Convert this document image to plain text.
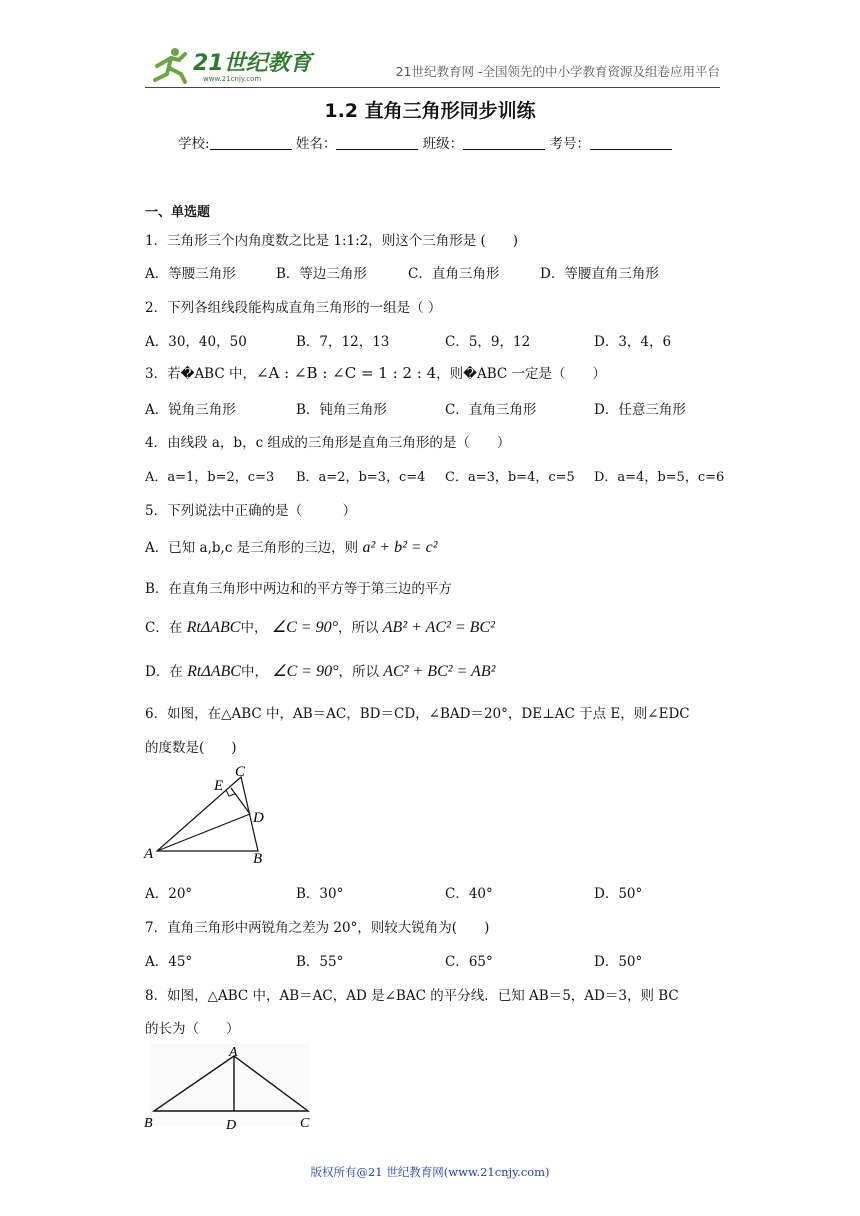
21世纪教育
www.21cnjy.com	21世纪教育网 -全国领先的中小学教育资源及组卷应用平台
1.2 直角三角形同步训练
学校:	姓名：	班级：	考号：
一、单选题
1．三角形三个内角度数之比是 1:1:2，则这个三角形是 (　　)
A．等腰三角形	B．等边三角形	C．直角三角形	D．等腰直角三角形
2．下列各组线段能构成直角三角形的一组是（ ）
A．30，40，50	B．7，12，13	C．5，9，12	D．3，4，6
3．若�ABC 中，∠A : ∠B : ∠C = 1 : 2 : 4，则�ABC 一定是（　　）
A．锐角三角形	B．钝角三角形	C．直角三角形	D．任意三角形
4．由线段 a，b，c 组成的三角形是直角三角形的是（　　）
A．a=1，b=2，c=3 B．a=2，b=3，c=4 C．a=3，b=4，c=5 D．a=4，b=5，c=6
5．下列说法中正确的是（　　　）
A．已知 a,b,c 是三角形的三边，则 a² + b² = c²
B．在直角三角形中两边和的平方等于第三边的平方
C．在 RtΔABC中， ∠C = 90°，所以 AB² + AC² = BC²
D．在 RtΔABC中， ∠C = 90°，所以 AC² + BC² = AB²
6．如图，在△ABC 中，AB＝AC，BD＝CD，∠BAD＝20°，DE⊥AC 于点 E，则∠EDC
的度数是(　　)
A	B
C
D
E
A．20°	B．30°	C．40°	D．50°
7．直角三角形中两锐角之差为 20°，则较大锐角为(　　)
A．45°	B．55°	C．65°	D．50°
8．如图，△ABC 中，AB＝AC，AD 是∠BAC 的平分线．已知 AB＝5，AD＝3，则 BC
的长为（　　）
A
B	D	C
版权所有@21 世纪教育网(www.21cnjy.com)
